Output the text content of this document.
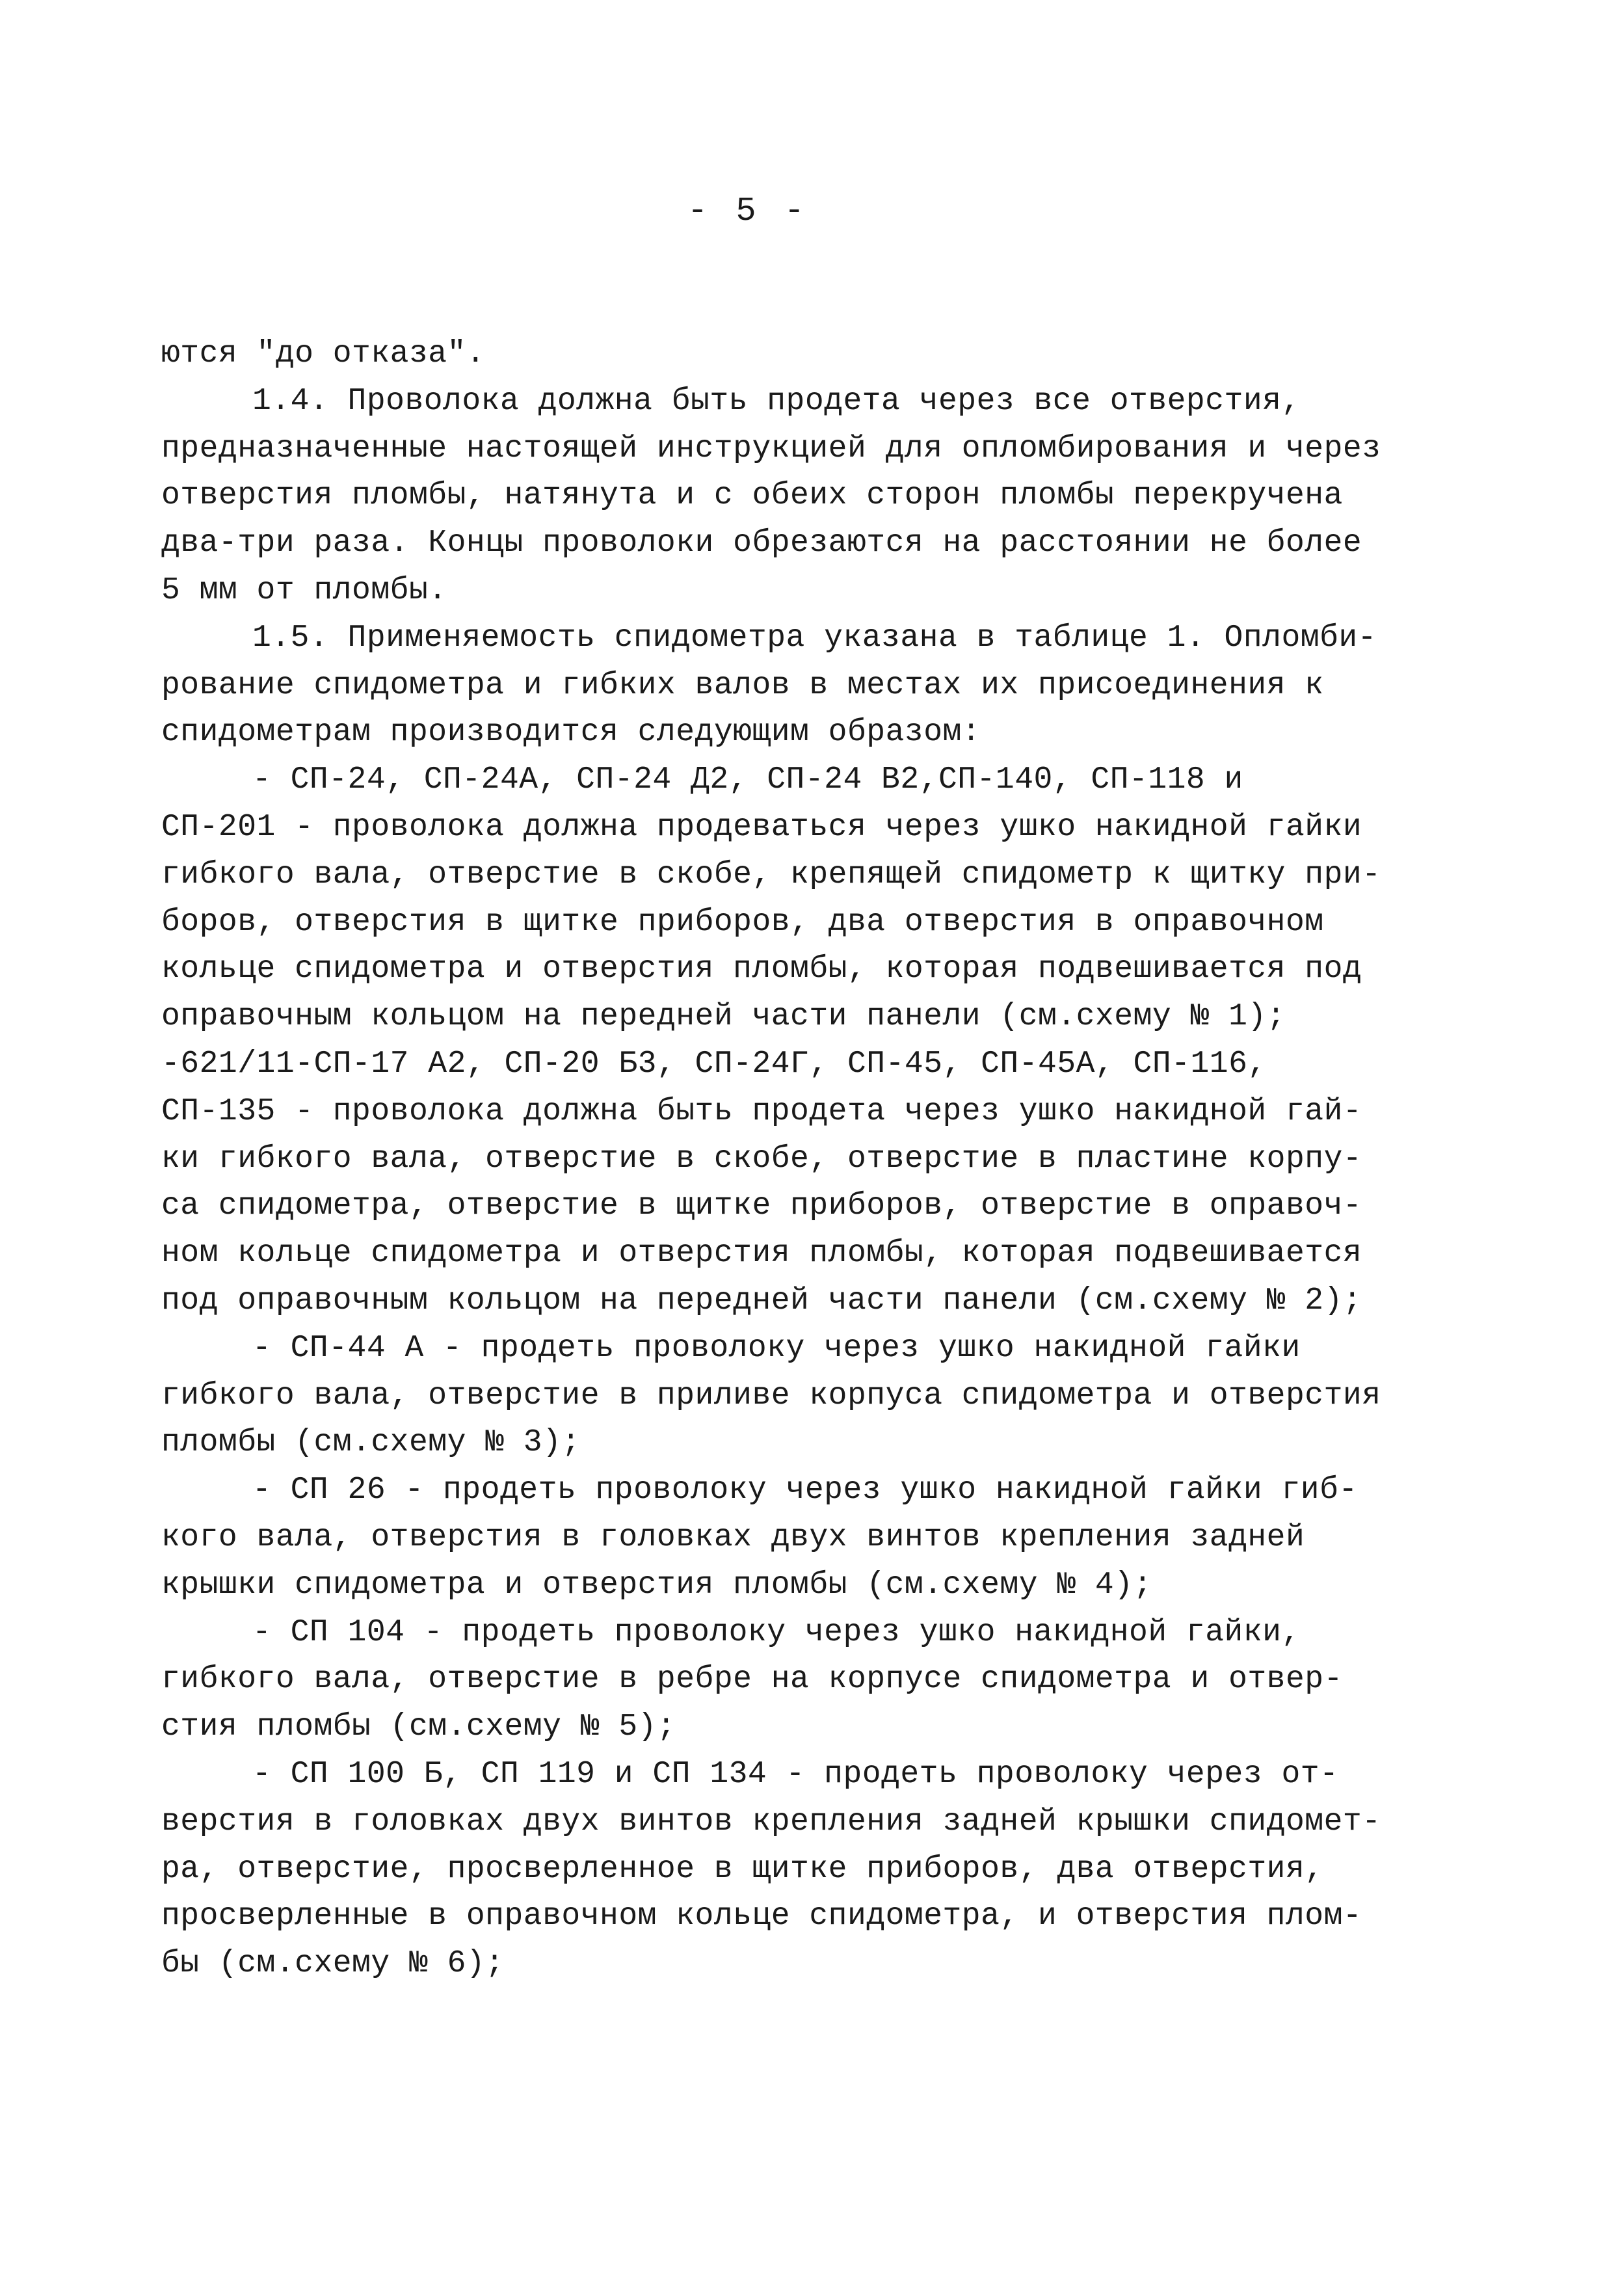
- 5 -
ются "до отказа".
1.4. Проволока должна быть продета через все отверстия,
предназначенные настоящей инструкцией для опломбирования и через
отверстия пломбы, натянута и с обеих сторон пломбы перекручена
два-три раза. Концы проволоки обрезаются на расстоянии не более
5 мм от пломбы.
1.5. Применяемость спидометра указана в таблице 1. Опломби-
рование спидометра и гибких валов в местах их присоединения к
спидометрам производится следующим образом:
- СП-24, СП-24А, СП-24 Д2, СП-24 В2,СП-140, СП-118 и
СП-201 - проволока должна продеваться через ушко накидной гайки
гибкого вала, отверстие в скобе, крепящей спидометр к щитку при-
боров, отверстия в щитке приборов, два отверстия в оправочном
кольце спидометра и отверстия пломбы, которая подвешивается под
оправочным кольцом на передней части панели (см.схему № 1);
-621/11-СП-17 А2, СП-20 Б3, СП-24Г, СП-45, СП-45А, СП-116,
СП-135 - проволока должна быть продета через ушко накидной гай-
ки гибкого вала, отверстие в скобе, отверстие в пластине корпу-
са спидометра, отверстие в щитке приборов, отверстие в оправоч-
ном кольце спидометра и отверстия пломбы, которая подвешивается
под оправочным кольцом на передней части панели (см.схему № 2);
- СП-44 А - продеть проволоку через ушко накидной гайки
гибкого вала, отверстие в приливе корпуса спидометра и отверстия
пломбы (см.схему № 3);
- СП 26 - продеть проволоку через ушко накидной гайки гиб-
кого вала, отверстия в головках двух винтов крепления задней
крышки спидометра и отверстия пломбы (см.схему № 4);
- СП 104 - продеть проволоку через ушко накидной гайки,
гибкого вала, отверстие в ребре на корпусе спидометра и отвер-
стия пломбы (см.схему № 5);
- СП 100 Б, СП 119 и СП 134 - продеть проволоку через от-
верстия в головках двух винтов крепления задней крышки спидомет-
ра, отверстие, просверленное в щитке приборов, два отверстия,
просверленные в оправочном кольце спидометра, и отверстия плом-
бы (см.схему № 6);
